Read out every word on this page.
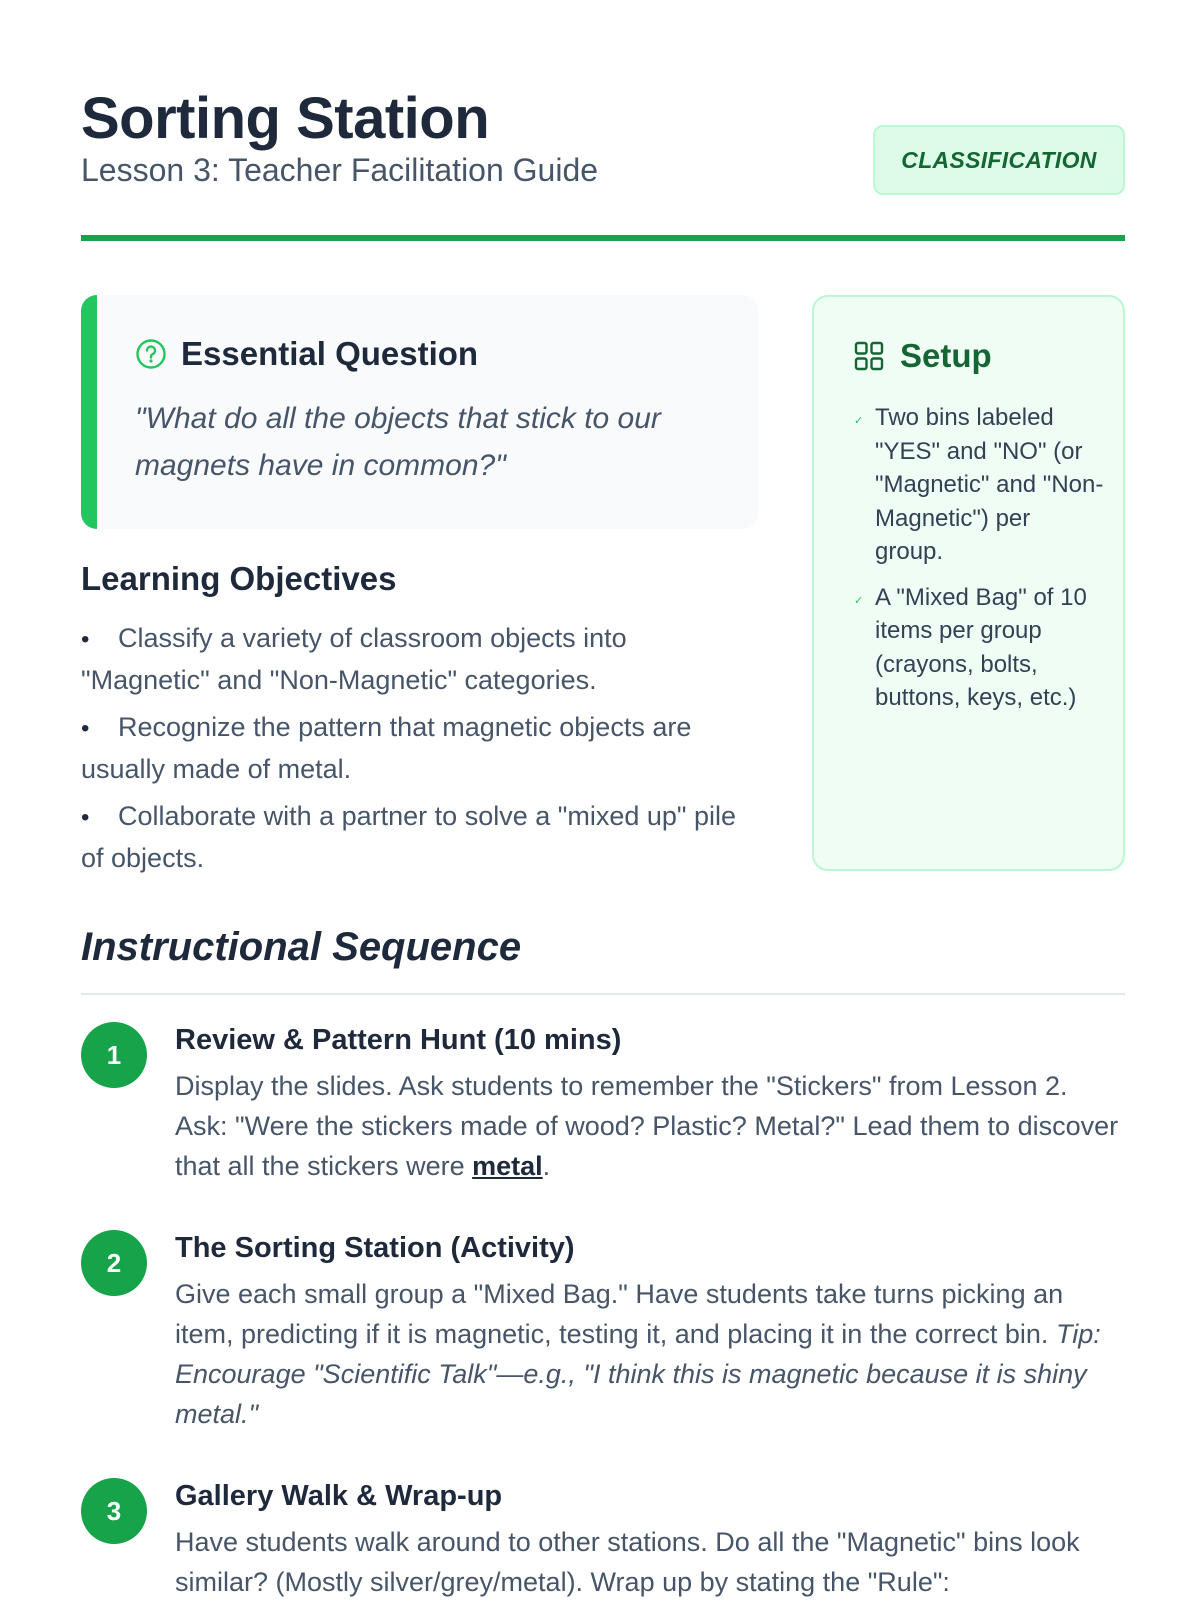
Sorting Station
Lesson 3: Teacher Facilitation Guide	CLASSIFICATION
Essential Question

"What do all the objects that stick to our magnets have in common?"

Learning Objectives
• Classify a variety of classroom objects into "Magnetic" and "Non-Magnetic" categories.
• Recognize the pattern that magnetic objects are usually made of metal.
• Collaborate with a partner to solve a "mixed up" pile of objects.
Setup
✓ Two bins labeled "YES" and "NO" (or "Magnetic" and "Non-Magnetic") per group.
✓ A "Mixed Bag" of 10 items per group (crayons, bolts, buttons, keys, etc.)
Instructional Sequence
1	Review & Pattern Hunt (10 mins)

Display the slides. Ask students to remember the "Stickers" from Lesson 2. Ask: "Were the stickers made of wood? Plastic? Metal?" Lead them to discover that all the stickers were metal.

2	The Sorting Station (Activity)

Give each small group a "Mixed Bag." Have students take turns picking an item, predicting if it is magnetic, testing it, and placing it in the correct bin. Tip: Encourage "Scientific Talk"—e.g., "I think this is magnetic because it is shiny metal."

3	Gallery Walk & Wrap-up

Have students walk around to other stations. Do all the "Magnetic" bins look similar? (Mostly silver/grey/metal). Wrap up by stating the "Rule":
